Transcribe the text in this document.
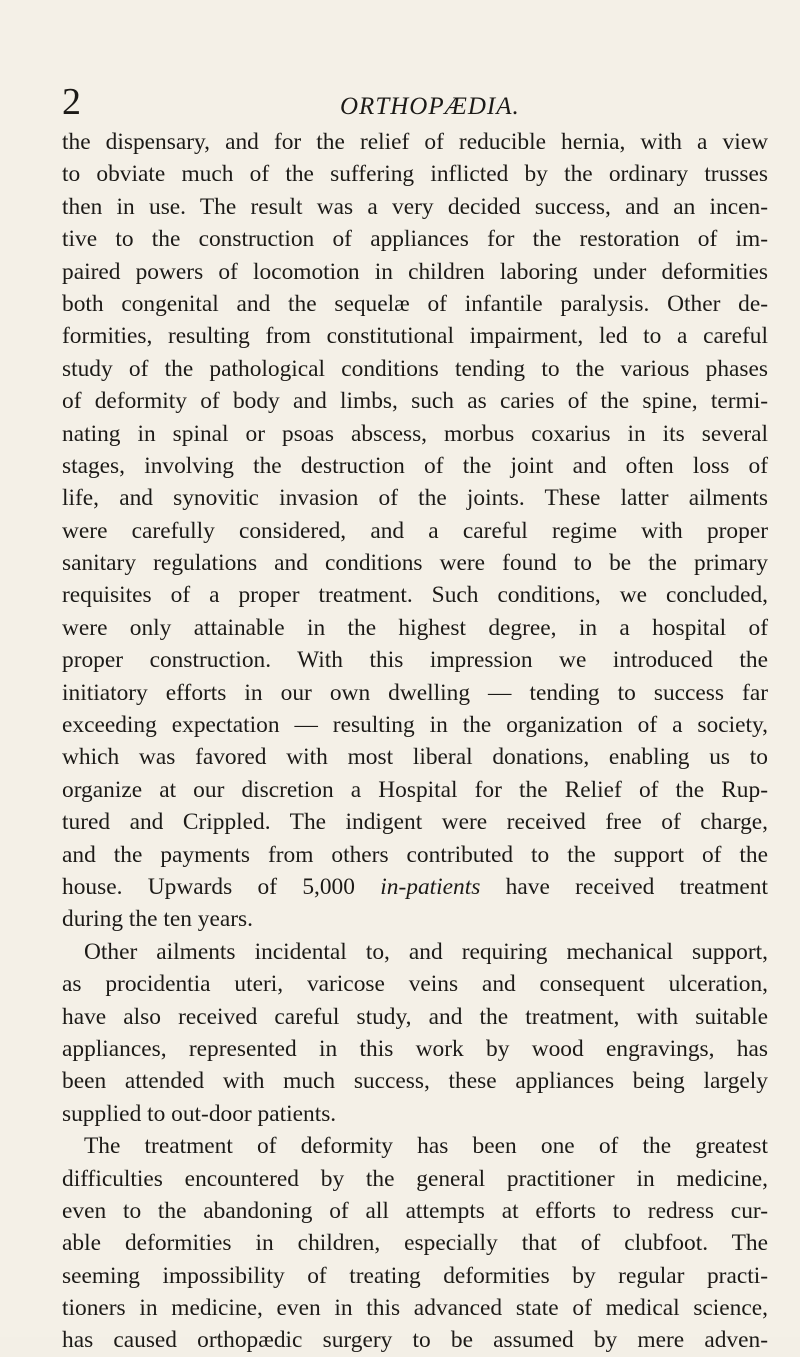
2	ORTHOPÆDIA.
the dispensary, and for the relief of reducible hernia, with a view
to obviate much of the suffering inflicted by the ordinary trusses
then in use. The result was a very decided success, and an incen-
tive to the construction of appliances for the restoration of im-
paired powers of locomotion in children laboring under deformities
both congenital and the sequelæ of infantile paralysis. Other de-
formities, resulting from constitutional impairment, led to a careful
study of the pathological conditions tending to the various phases
of deformity of body and limbs, such as caries of the spine, termi-
nating in spinal or psoas abscess, morbus coxarius in its several
stages, involving the destruction of the joint and often loss of
life, and synovitic invasion of the joints. These latter ailments
were carefully considered, and a careful regime with proper
sanitary regulations and conditions were found to be the primary
requisites of a proper treatment. Such conditions, we concluded,
were only attainable in the highest degree, in a hospital of
proper construction. With this impression we introduced the
initiatory efforts in our own dwelling — tending to success far
exceeding expectation — resulting in the organization of a society,
which was favored with most liberal donations, enabling us to
organize at our discretion a Hospital for the Relief of the Rup-
tured and Crippled. The indigent were received free of charge,
and the payments from others contributed to the support of the
house. Upwards of 5,000 in-patients have received treatment
during the ten years.
Other ailments incidental to, and requiring mechanical support,
as procidentia uteri, varicose veins and consequent ulceration,
have also received careful study, and the treatment, with suitable
appliances, represented in this work by wood engravings, has
been attended with much success, these appliances being largely
supplied to out-door patients.
The treatment of deformity has been one of the greatest
difficulties encountered by the general practitioner in medicine,
even to the abandoning of all attempts at efforts to redress cur-
able deformities in children, especially that of clubfoot. The
seeming impossibility of treating deformities by regular practi-
tioners in medicine, even in this advanced state of medical science,
has caused orthopædic surgery to be assumed by mere adven-
